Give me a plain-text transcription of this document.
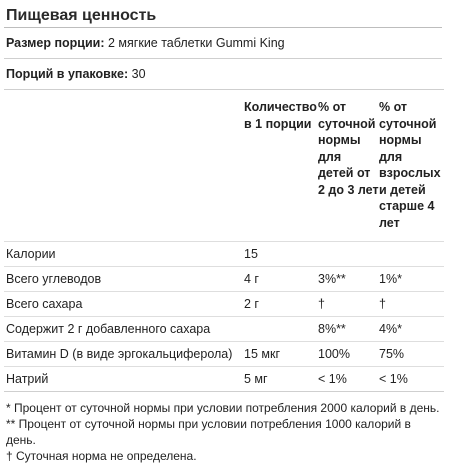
Пищевая ценность
Размер порции: 2 мягкие таблетки Gummi King
Порций в упаковке: 30
	Количество в 1 порции	% от суточной нормы для детей от 2 до 3 лет	% от суточной нормы для взрослых и детей старше 4 лет
Калории	15		
Всего углеводов	4 г	3%**	1%*
Всего сахара	2 г	†	†
Содержит 2 г добавленного сахара		8%**	4%*
Витамин D (в виде эргокальциферола)	15 мкг	100%	75%
Натрий	5 мг	< 1%	< 1%
* Процент от суточной нормы при условии потребления 2000 калорий в день.
** Процент от суточной нормы при условии потребления 1000 калорий в день.
† Суточная норма не определена.
